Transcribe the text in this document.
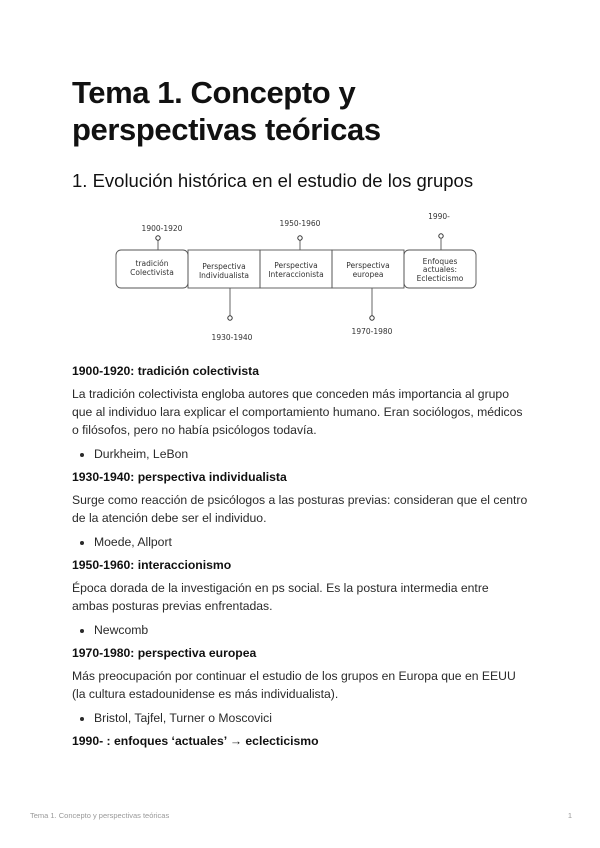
Tema 1. Concepto y perspectivas teóricas
1. Evolución histórica en el estudio de los grupos
tradición
Colectivista
Perspectiva
Individualista
Perspectiva
Interaccionista
Perspectiva
europea
Enfoques
actuales:
Eclecticismo
1900-1920
1950-1960
1990-
1930-1940
1970-1980

1900-1920: tradición colectivista

La tradición colectivista engloba autores que conceden más importancia al grupo que al individuo lara explicar el comportamiento humano. Eran sociólogos, médicos o filósofos, pero no había psicólogos todavía.

• Durkheim, LeBon

1930-1940: perspectiva individualista

Surge como reacción de psicólogos a las posturas previas: consideran que el centro de la atención debe ser el individuo.

• Moede, Allport

1950-1960: interaccionismo

Época dorada de la investigación en ps social. Es la postura intermedia entre ambas posturas previas enfrentadas.

• Newcomb

1970-1980: perspectiva europea

Más preocupación por continuar el estudio de los grupos en Europa que en EEUU (la cultura estadounidense es más individualista).

• Bristol, Tajfel, Turner o Moscovici

1990- : enfoques ‘actuales’ → eclecticismo

Tema 1. Concepto y perspectivas teóricas	1
